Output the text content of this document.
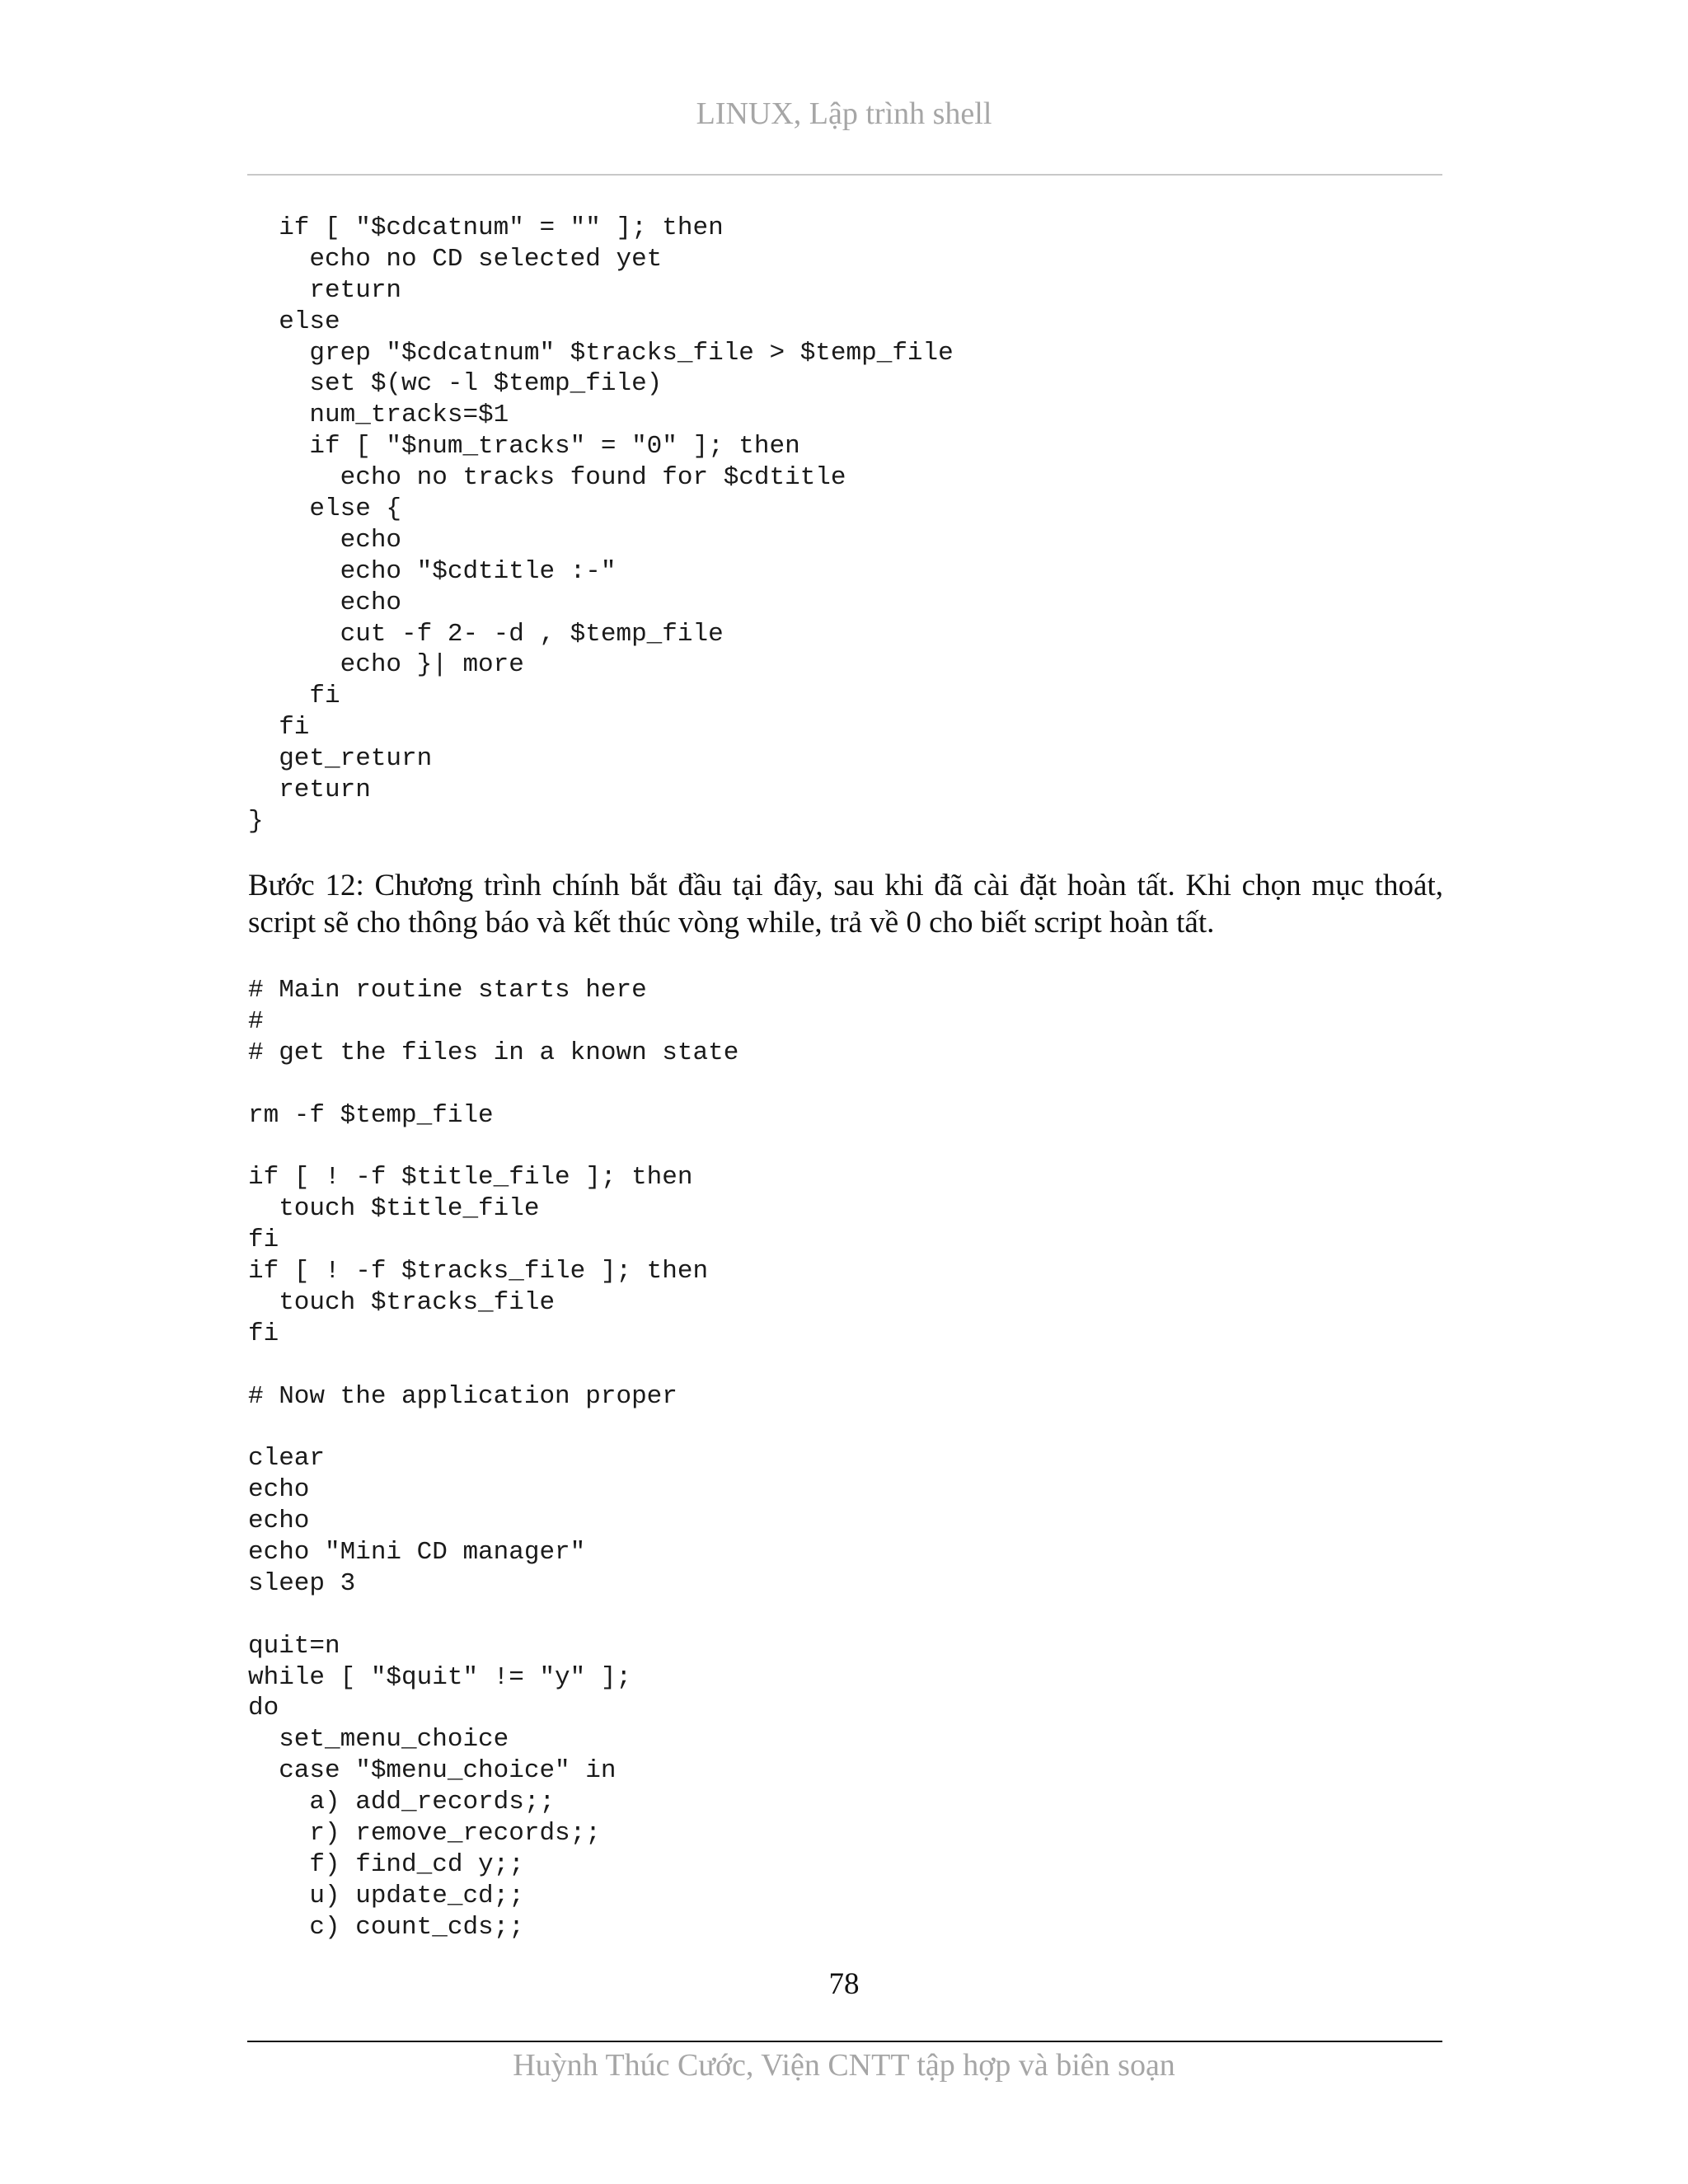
LINUX, Lập trình shell
if [ "$cdcatnum" = "" ]; then
echo no CD selected yet
return
else
grep "$cdcatnum" $tracks_file > $temp_file
set $(wc -l $temp_file)
num_tracks=$1
if [ "$num_tracks" = "0" ]; then
echo no tracks found for $cdtitle
else {
echo
echo "$cdtitle :-"
echo
cut -f 2- -d , $temp_file
echo }| more
fi
fi
get_return
return
}
Bước 12: Chương trình chính bắt đầu tại đây, sau khi đã cài đặt hoàn tất. Khi chọn mục thoát, script sẽ cho thông báo và kết thúc vòng while, trả về 0 cho biết script hoàn tất.
# Main routine starts here
#
# get the files in a known state
rm -f $temp_file
if [ ! -f $title_file ]; then
touch $title_file
fi
if [ ! -f $tracks_file ]; then
touch $tracks_file
fi
# Now the application proper
clear
echo
echo
echo "Mini CD manager"
sleep 3
quit=n
while [ "$quit" != "y" ];
do
set_menu_choice
case "$menu_choice" in
a) add_records;;
r) remove_records;;
f) find_cd y;;
u) update_cd;;
c) count_cds;;
78
Huỳnh Thúc Cước, Viện CNTT tập hợp và biên soạn
